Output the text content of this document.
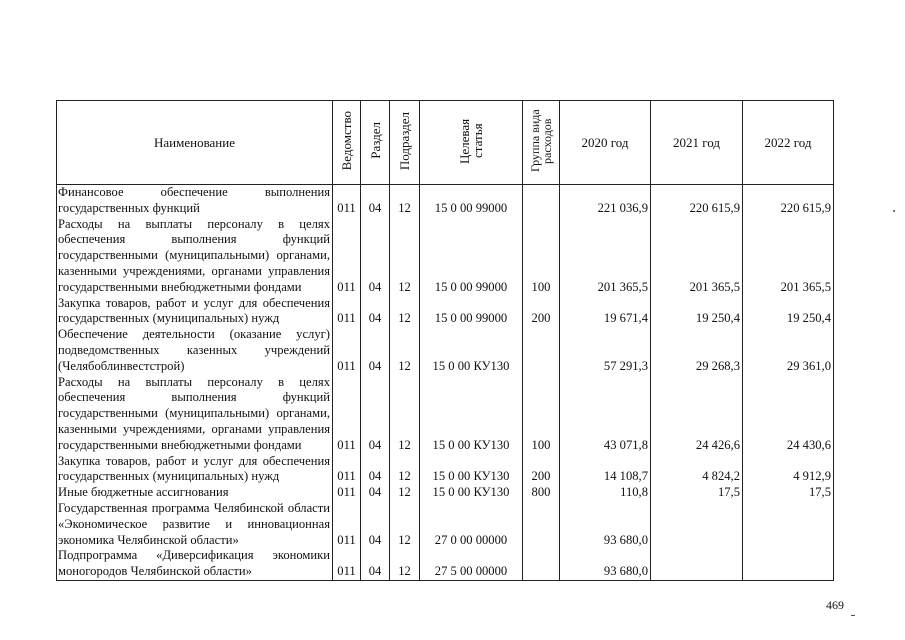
Наименование	Ведомство	Раздел	Подраздел	Целевая статья	Группа вида расходов	2020 год	2021 год	2022 год
Финансовое обеспечение выполнения государственных функций	011	04	12	15 0 00 99000		221 036,9	220 615,9	220 615,9
Расходы на выплаты персоналу в целях обеспечения выполнения функций государственными (муниципальными) органами, казенными учреждениями, органами управления государственными внебюджетными фондами	011	04	12	15 0 00 99000	100	201 365,5	201 365,5	201 365,5
Закупка товаров, работ и услуг для обеспечения государственных (муниципальных) нужд	011	04	12	15 0 00 99000	200	19 671,4	19 250,4	19 250,4
Обеспечение деятельности (оказание услуг) подведомственных казенных учреждений (Челябоблинвестстрой)	011	04	12	15 0 00 КУ130		57 291,3	29 268,3	29 361,0
Расходы на выплаты персоналу в целях обеспечения выполнения функций государственными (муниципальными) органами, казенными учреждениями, органами управления государственными внебюджетными фондами	011	04	12	15 0 00 КУ130	100	43 071,8	24 426,6	24 430,6
Закупка товаров, работ и услуг для обеспечения государственных (муниципальных) нужд	011	04	12	15 0 00 КУ130	200	14 108,7	4 824,2	4 912,9
Иные бюджетные ассигнования	011	04	12	15 0 00 КУ130	800	110,8	17,5	17,5
Государственная программа Челябинской области «Экономическое развитие и инновационная экономика Челябинской области»	011	04	12	27 0 00 00000		93 680,0		
Подпрограмма «Диверсификация экономики моногородов Челябинской области»	011	04	12	27 5 00 00000		93 680,0		
469
